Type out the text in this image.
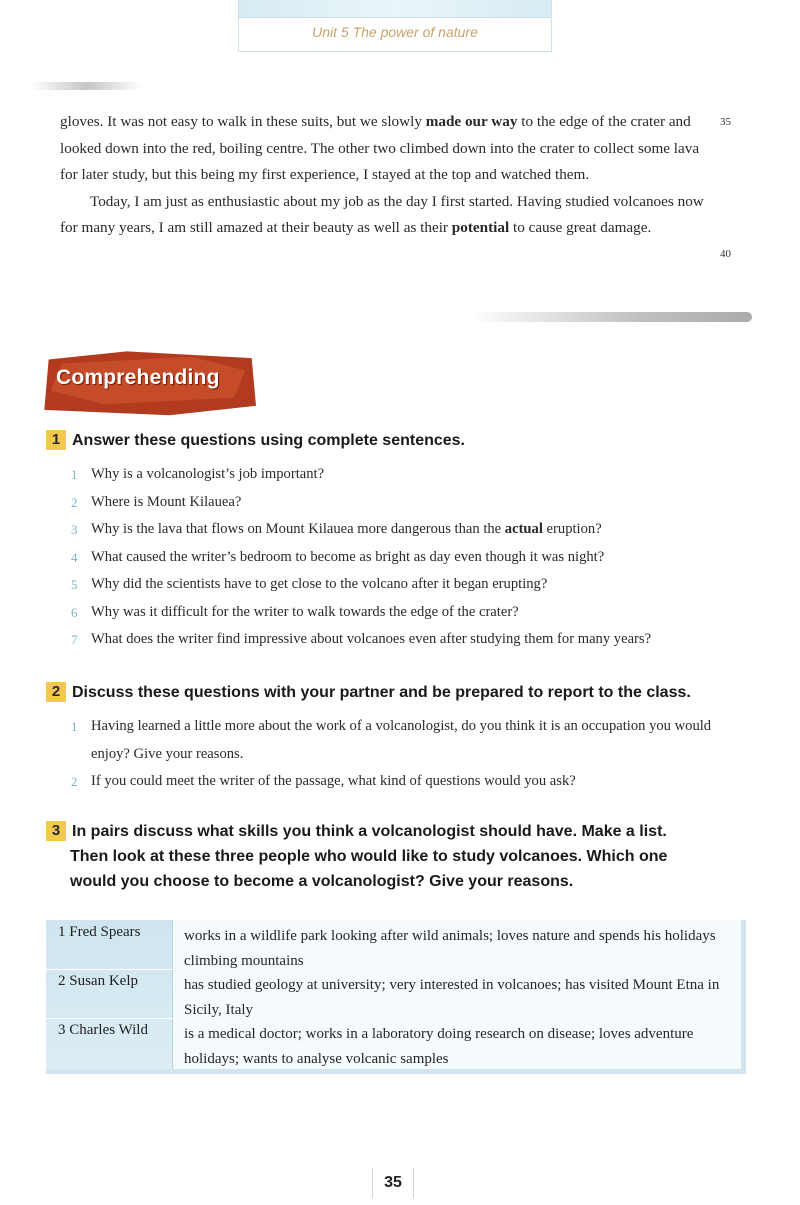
Unit 5 The power of nature

gloves. It was not easy to walk in these suits, but we slowly made our way to the edge of the crater and looked down into the red, boiling centre. The other two climbed down into the crater to collect some lava for later study, but this being my first experience, I stayed at the top and watched them.

Today, I am just as enthusiastic about my job as the day I first started. Having studied volcanoes now for many years, I am still amazed at their beauty as well as their potential to cause great damage.

35
40
Comprehending
1 Answer these questions using complete sentences.
1 Why is a volcanologist’s job important?
2 Where is Mount Kilauea?
3 Why is the lava that flows on Mount Kilauea more dangerous than the actual eruption?
4 What caused the writer’s bedroom to become as bright as day even though it was night?
5 Why did the scientists have to get close to the volcano after it began erupting?
6 Why was it difficult for the writer to walk towards the edge of the crater?
7 What does the writer find impressive about volcanoes even after studying them for many years?
2 Discuss these questions with your partner and be prepared to report to the class.
1 Having learned a little more about the work of a volcanologist, do you think it is an occupation you would enjoy? Give your reasons.
2 If you could meet the writer of the passage, what kind of questions would you ask?
3 In pairs discuss what skills you think a volcanologist should have. Make a list.
Then look at these three people who would like to study volcanoes. Which one
would you choose to become a volcanologist? Give your reasons.
1 Fred Spears	works in a wildlife park looking after wild animals; loves nature and spends his holidays climbing mountains
2 Susan Kelp	has studied geology at university; very interested in volcanoes; has visited Mount Etna in Sicily, Italy
3 Charles Wild is a medical doctor; works in a laboratory doing research on disease; loves adventure holidays; wants to analyse volcanic samples
35
